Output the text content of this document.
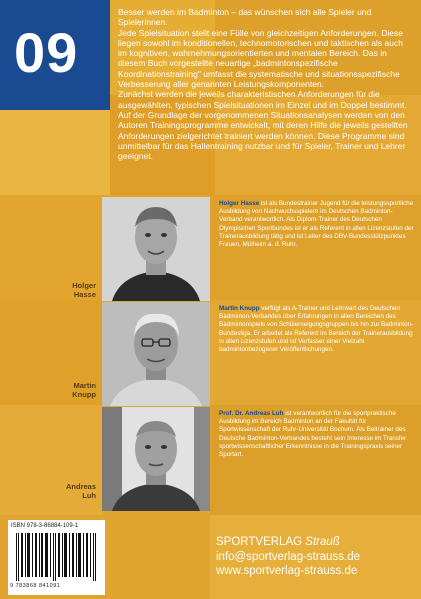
09

Besser werden im Badminton – das wünschen sich alle Spieler und Spielerinnen.

Jede Spielsituation stellt eine Fülle von gleichzeitigen Anforderungen. Diese liegen sowohl im konditionellen, technomotorischen und taktischen als auch im kognitiven, wahrnehmungsorientierten und mentalen Bereich. Das in diesem Buch vorgestellte neuartige „badmintonspezifische Koordinationstraining" umfasst die systematische und situationsspezifische Verbesserung aller genannten Leistungskomponenten.

Zunächst werden die jeweils charakteristischen Anforderungen für die ausgewählten, typischen Spielsituationen im Einzel und im Doppel bestimmt. Auf der Grundlage der vorgenommenen Situationsanalysen werden von den Autoren Trainingsprogramme entwickelt, mit deren Hilfe die jeweils gestellten Anforderungen zielgerichtet trainiert werden können. Diese Programme sind unmittelbar für das Hallentraining nutzbar und für Spieler, Trainer und Lehrer geeignet.

Holger
Hasse
Holger Hasse ist als Bundestrainer Jugend für die leistungssportliche Ausbildung von Nachwuchsspielern im Deutschen Badminton-Verband verantwortlich. Als Diplom-Trainer des Deutschen Olympischen Sportbundes ist er als Referent in allen Lizenzstufen der Trainerausbildung tätig und ist Leiter des DBV-Bundesstützpunktes Frauen, Mülheim a. d. Ruhr.
Martin
Knupp
Martin Knupp verfügt als A-Trainer und Lehrwart des Deutschen Badminton-Verbandes über Erfahrungen in allen Bereichen des Badmintonspiels von Schülerneigungsgruppen bis hin zur Badminton-Bundesliga. Er arbeitet als Referent im Bereich der Trainerausbildung in allen Lizenzstufen und ist Verfasser einer Vielzahl badmintonbezogener Veröffentlichungen.
Andreas
Luh
Prof. Dr. Andreas Luh ist verantwortlich für die sportpraktische Ausbildung im Bereich Badminton an der Fakultät für Sportwissenschaft der Ruhr-Universität Bochum. Als Beitrainer des Deutsche Badminton-Verbandes besteht sein Interesse im Transfer sportwissenschaftlicher Erkenntnisse in die Trainingspraxis seiner Sportart.
ISBN 978-3-86884-109-1
9 783868 841091
SPORTVERLAG Strauß
info@sportverlag-strauss.de
www.sportverlag-strauss.de
